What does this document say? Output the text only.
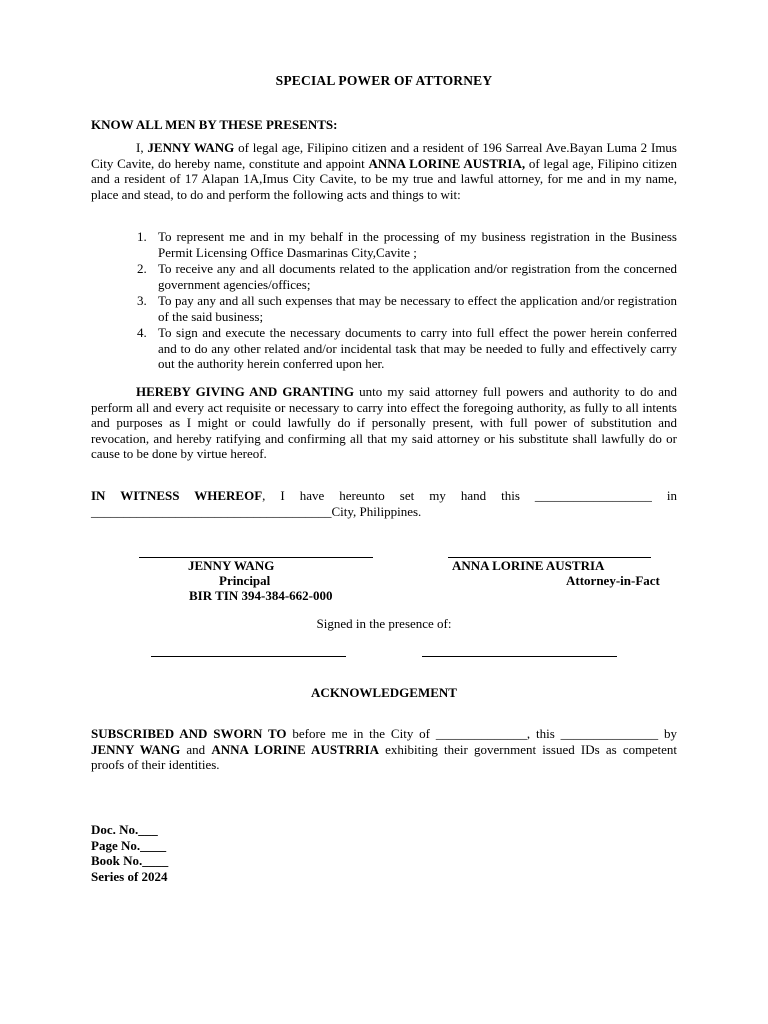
SPECIAL POWER OF ATTORNEY
KNOW ALL MEN BY THESE PRESENTS:
I, JENNY WANG of legal age, Filipino citizen and a resident of 196 Sarreal Ave.Bayan Luma 2 Imus City Cavite, do hereby name, constitute and appoint ANNA LORINE AUSTRIA, of legal age, Filipino citizen and a resident of 17 Alapan 1A,Imus City Cavite, to be my true and lawful attorney, for me and in my name, place and stead, to do and perform the following acts and things to wit:
1. To represent me and in my behalf in the processing of my business registration in the Business Permit Licensing Office Dasmarinas City,Cavite ;
2. To receive any and all documents related to the application and/or registration from the concerned government agencies/offices;
3. To pay any and all such expenses that may be necessary to effect the application and/or registration of the said business;
4. To sign and execute the necessary documents to carry into full effect the power herein conferred and to do any other related and/or incidental task that may be needed to fully and effectively carry out the authority herein conferred upon her.
HEREBY GIVING AND GRANTING unto my said attorney full powers and authority to do and perform all and every act requisite or necessary to carry into effect the foregoing authority, as fully to all intents and purposes as I might or could lawfully do if personally present, with full power of substitution and revocation, and hereby ratifying and confirming all that my said attorney or his substitute shall lawfully do or cause to be done by virtue hereof.
IN WITNESS WHEREOF, I have hereunto set my hand this __________________ in _____________________________________City, Philippines.
JENNY WANG
Principal
BIR TIN 394-384-662-000
ANNA LORINE AUSTRIA
Attorney-in-Fact
Signed in the presence of:
ACKNOWLEDGEMENT
SUBSCRIBED AND SWORN TO before me in the City of ______________, this _______________ by JENNY WANG and ANNA LORINE AUSTRRIA exhibiting their government issued IDs as competent proofs of their identities.
Doc. No.___
Page No.____
Book No.____
Series of 2024
